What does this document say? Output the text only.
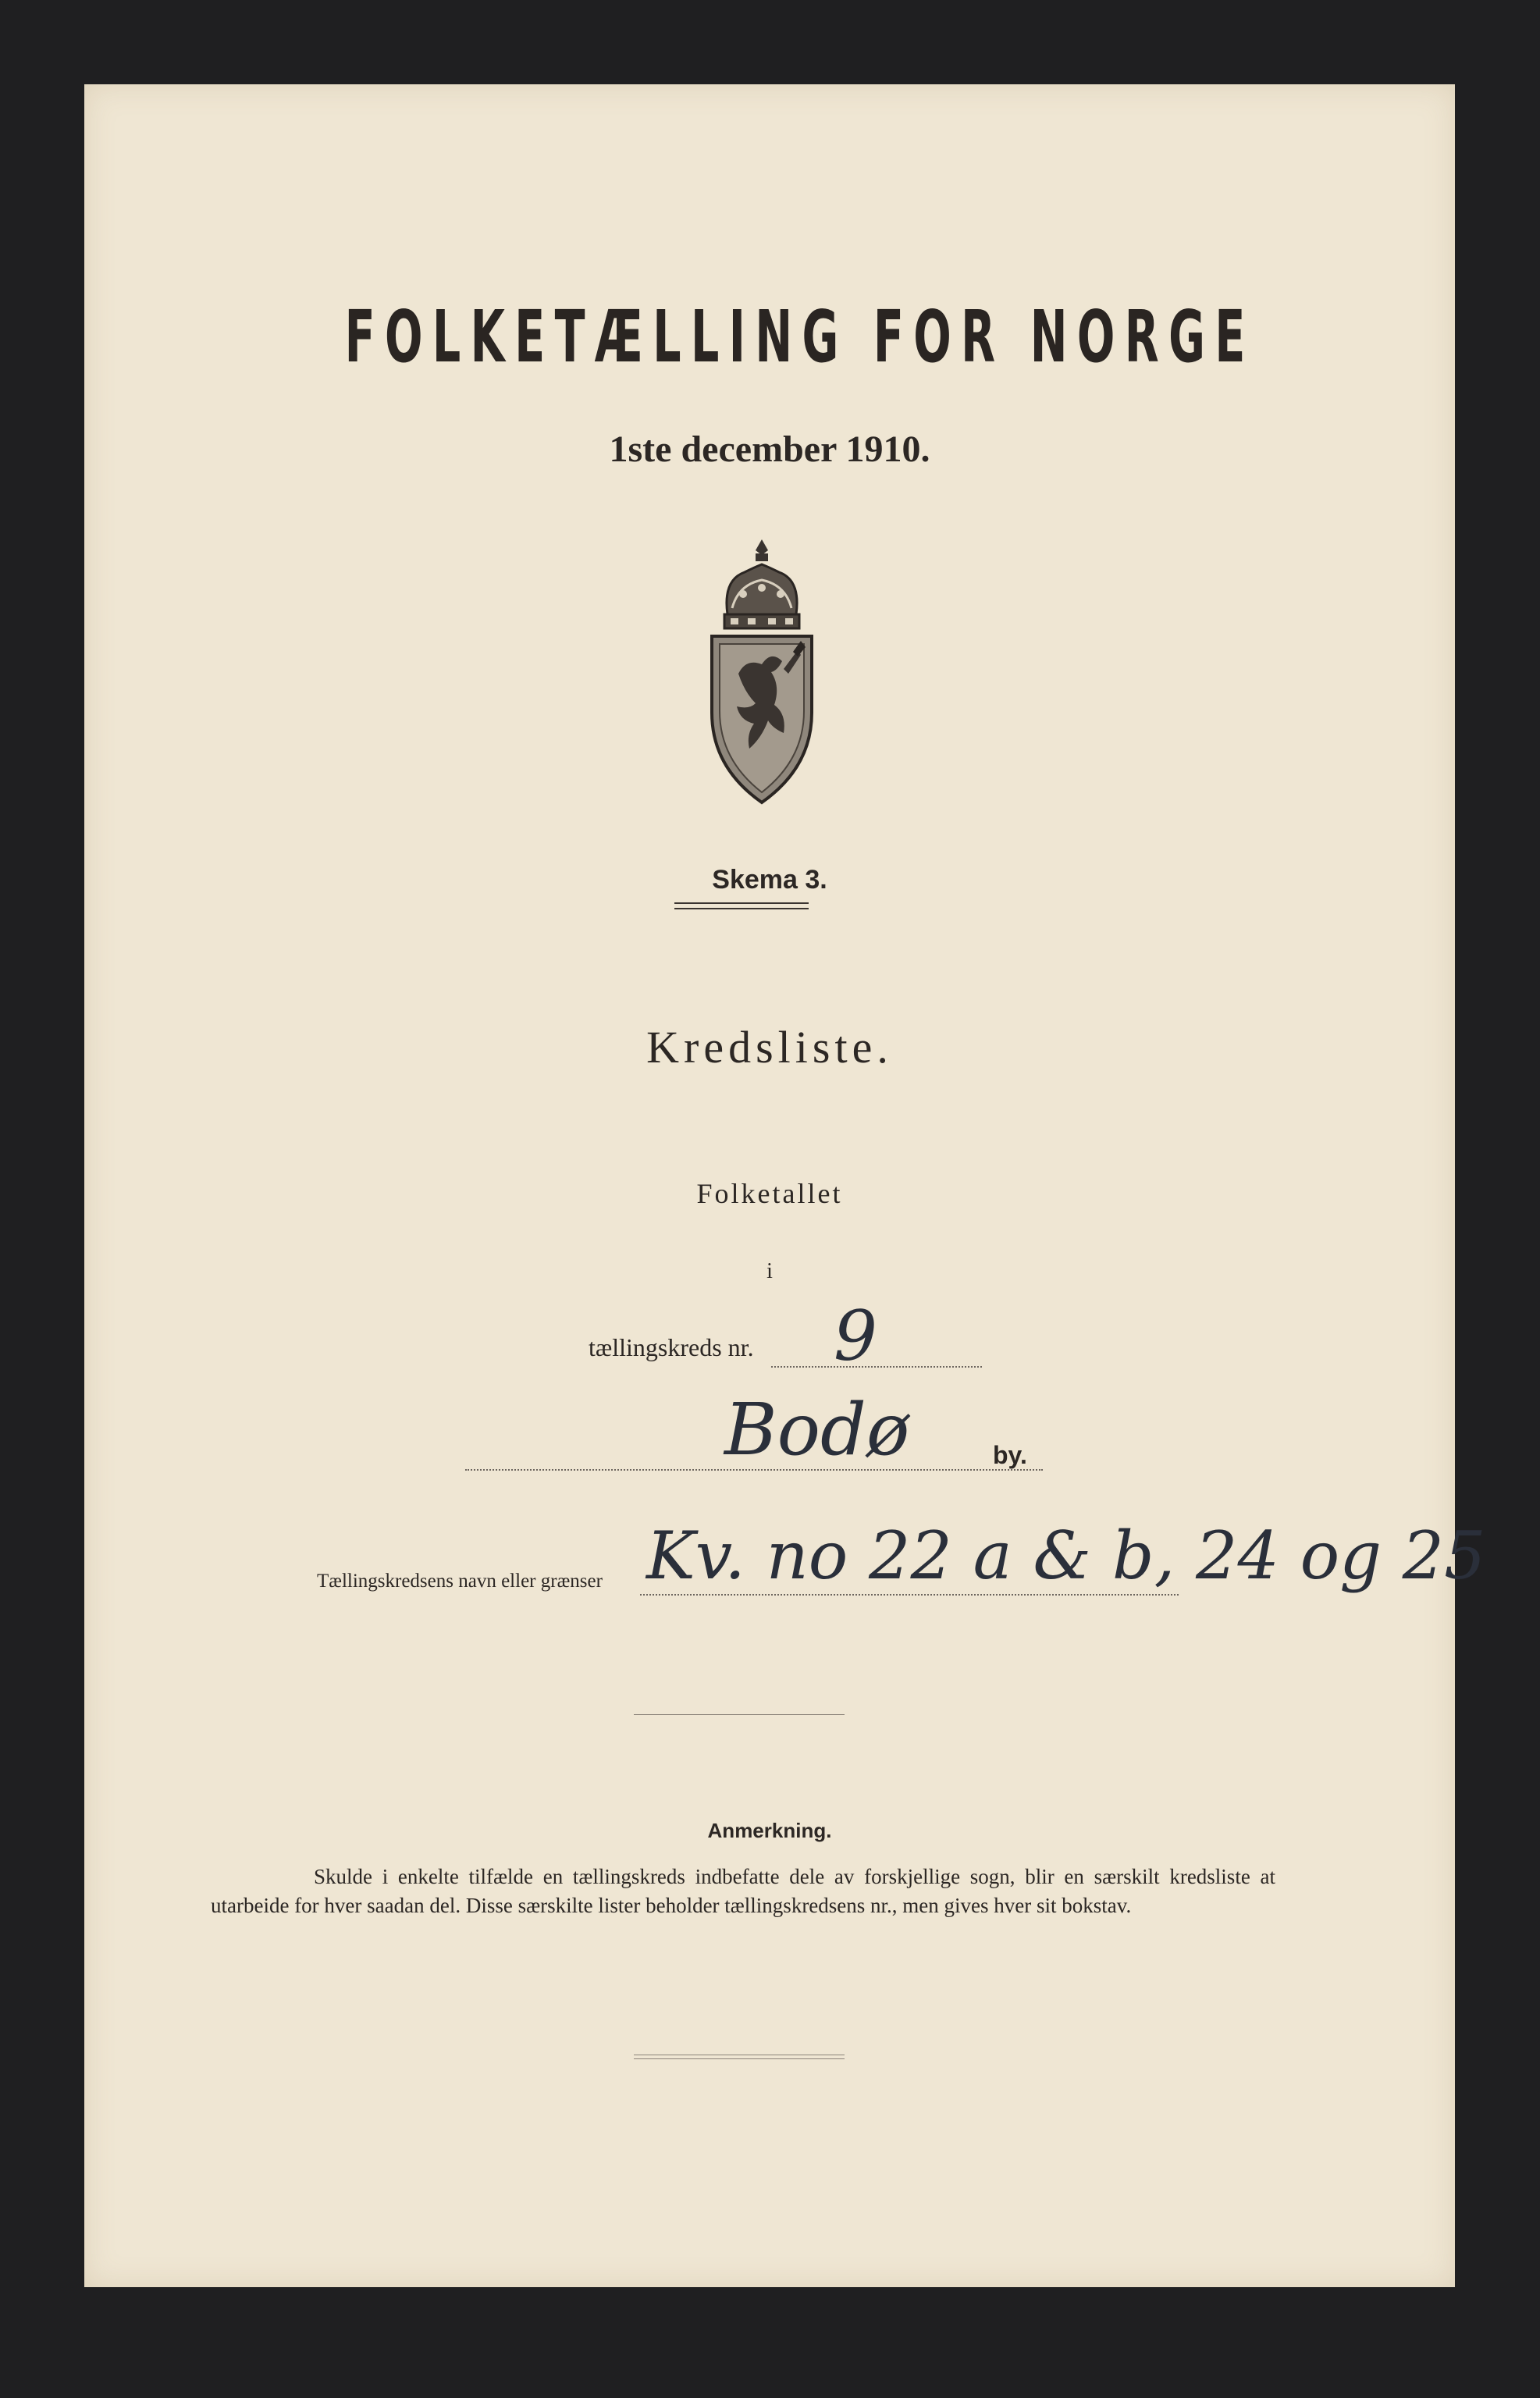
FOLKETÆLLING FOR NORGE
1ste december 1910.
Skema 3.
Kredsliste.
Folketallet
i
tællingskreds nr. 9
Bodø	by.
Tællingskredsens navn eller grænser Kv. no 22 a & b, 24 og 25
Anmerkning.

Skulde i enkelte tilfælde en tællingskreds indbefatte dele av forskjellige sogn, blir en særskilt kredsliste at utarbeide for hver saadan del. Disse særskilte lister beholder tællingskredsens nr., men gives hver sit bokstav.
